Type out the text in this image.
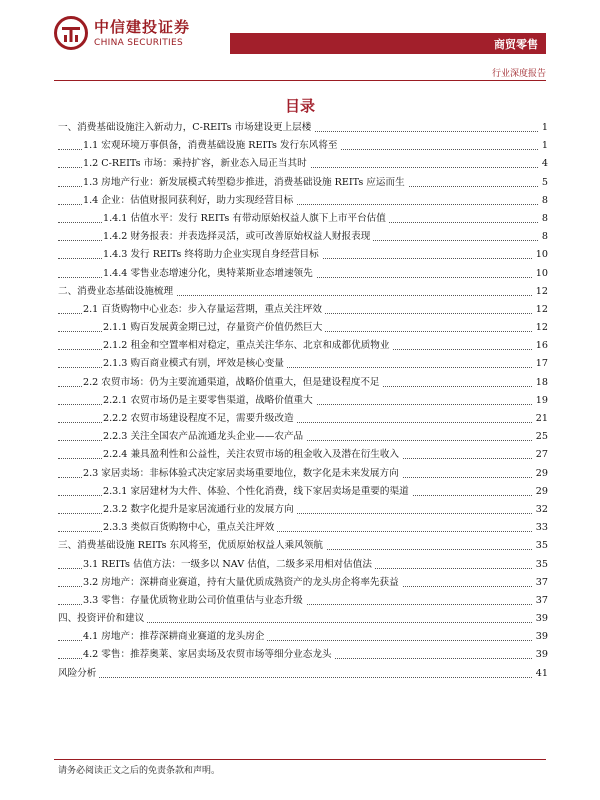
中信建投证券
CHINA SECURITIES	商贸零售
行业深度报告
目录
一、消费基础设施注入新动力，C-REITs 市场建设更上层楼	1
1.1 宏观环境万事俱备，消费基础设施 REITs 发行东风将至	1
1.2 C-REITs 市场：乘持扩容，新业态入局正当其时	4
1.3 房地产行业：新发展模式转型稳步推进，消费基础设施 REITs 应运而生	5
1.4 企业：估值财报同获利好，助力实现经营目标	8
1.4.1 估值水平：发行 REITs 有带动原始权益人旗下上市平台估值	8
1.4.2 财务报表：并表选择灵活，或可改善原始权益人财报表现	8
1.4.3 发行 REITs 终将助力企业实现自身经营目标	10
1.4.4 零售业态增速分化，奥特莱斯业态增速领先	10
二、消费业态基础设施梳理	12
2.1 百货购物中心业态：步入存量运营期，重点关注坪效	12
2.1.1 购百发展黄金期已过，存量资产价值仍然巨大	12
2.1.2 租金和空置率相对稳定，重点关注华东、北京和成都优质物业	16
2.1.3 购百商业模式有别，坪效是核心变量	17
2.2 农贸市场：仍为主要流通渠道，战略价值重大，但是建设程度不足	18
2.2.1 农贸市场仍是主要零售渠道，战略价值重大	19
2.2.2 农贸市场建设程度不足，需要升级改造	21
2.2.3 关注全国农产品流通龙头企业——农产品	25
2.2.4 兼具盈利性和公益性，关注农贸市场的租金收入及潜在衍生收入	27
2.3 家居卖场：非标体验式决定家居卖场重要地位，数字化是未来发展方向	29
2.3.1 家居建材为大件、体验、个性化消费，线下家居卖场是重要的渠道	29
2.3.2 数字化提升是家居流通行业的发展方向	32
2.3.3 类似百货购物中心，重点关注坪效	33
三、消费基础设施 REITs 东风将至，优质原始权益人乘风领航	35
3.1 REITs 估值方法：一级多以 NAV 估值，二级多采用相对估值法	35
3.2 房地产：深耕商业赛道，持有大量优质成熟资产的龙头房企将率先获益	37
3.3 零售：存量优质物业助公司价值重估与业态升级	37
四、投资评价和建议	39
4.1 房地产：推荐深耕商业赛道的龙头房企	39
4.2 零售：推荐奥莱、家居卖场及农贸市场等细分业态龙头	39
风险分析	41
请务必阅读正文之后的免责条款和声明。
